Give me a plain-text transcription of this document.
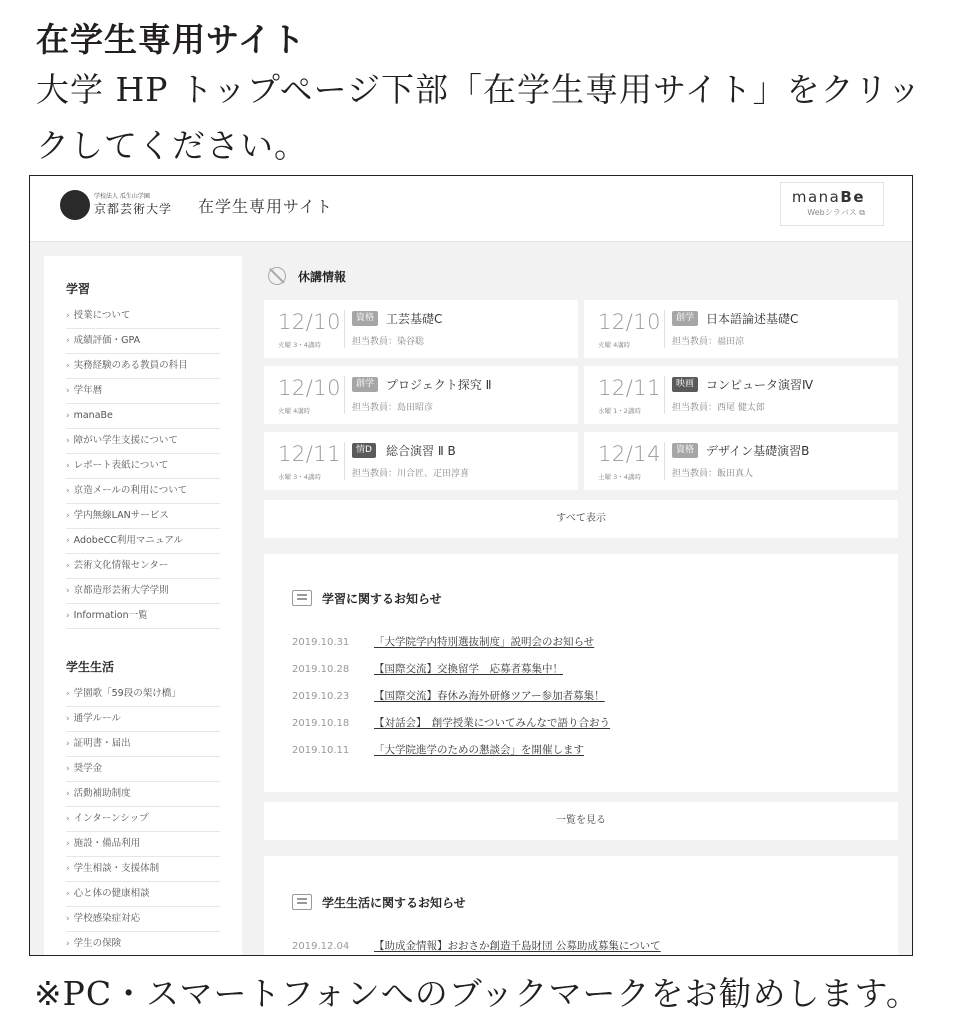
在学生専用サイト
大学 HP トップページ下部「在学生専用サイト」をクリックしてください。
学校法人 瓜生山学園
京都芸術大学 在学生専用サイト	manaBe
Webシラバス ⧉
学習
› 授業について
› 成績評価・GPA
› 実務経験のある教員の科目
› 学年暦
› manaBe
› 障がい学生支援について
› レポート表紙について
› 京造メールの利用について
› 学内無線LANサービス
› AdobeCC利用マニュアル
› 芸術文化情報センター
› 京都造形芸術大学学則
› Information一覧
学生生活
› 学園歌「59段の架け橋」
› 通学ルール
› 証明書・届出
› 奨学金
› 活動補助制度
› インターンシップ
› 施設・備品利用
› 学生相談・支援体制
› 心と体の健康相談
› 学校感染症対応
› 学生の保険
休講情報
12/10
火曜 3・4講時
資格 工芸基礎C
担当教員：染谷聡
12/10
火曜 4講時
創学 日本語論述基礎C
担当教員：福田涼
12/10
火曜 4講時
創学 プロジェクト探究 Ⅱ
担当教員：島田昭彦
12/11
水曜 1・2講時
映画 コンピュータ演習Ⅳ
担当教員：西尾 健太郎
12/11
水曜 3・4講時
情D	総合演習 Ⅱ B
担当教員：川合匠、疋田淳喜
12/14
土曜 3・4講時
資格 デザイン基礎演習B
担当教員：飯田真人
すべて表示
学習に関するお知らせ
2019.10.31 「大学院学内特別選抜制度」説明会のお知らせ
2019.10.28 【国際交流】交換留学　応募者募集中！
2019.10.23 【国際交流】春休み海外研修ツアー参加者募集！
2019.10.18 【対話会】　創学授業についてみんなで語り合おう
2019.10.11 「大学院進学のための懇談会」を開催します
一覧を見る
学生生活に関するお知らせ
2019.12.04 【助成金情報】おおさか創造千島財団 公募助成募集について
※PC・スマートフォンへのブックマークをお勧めします。
